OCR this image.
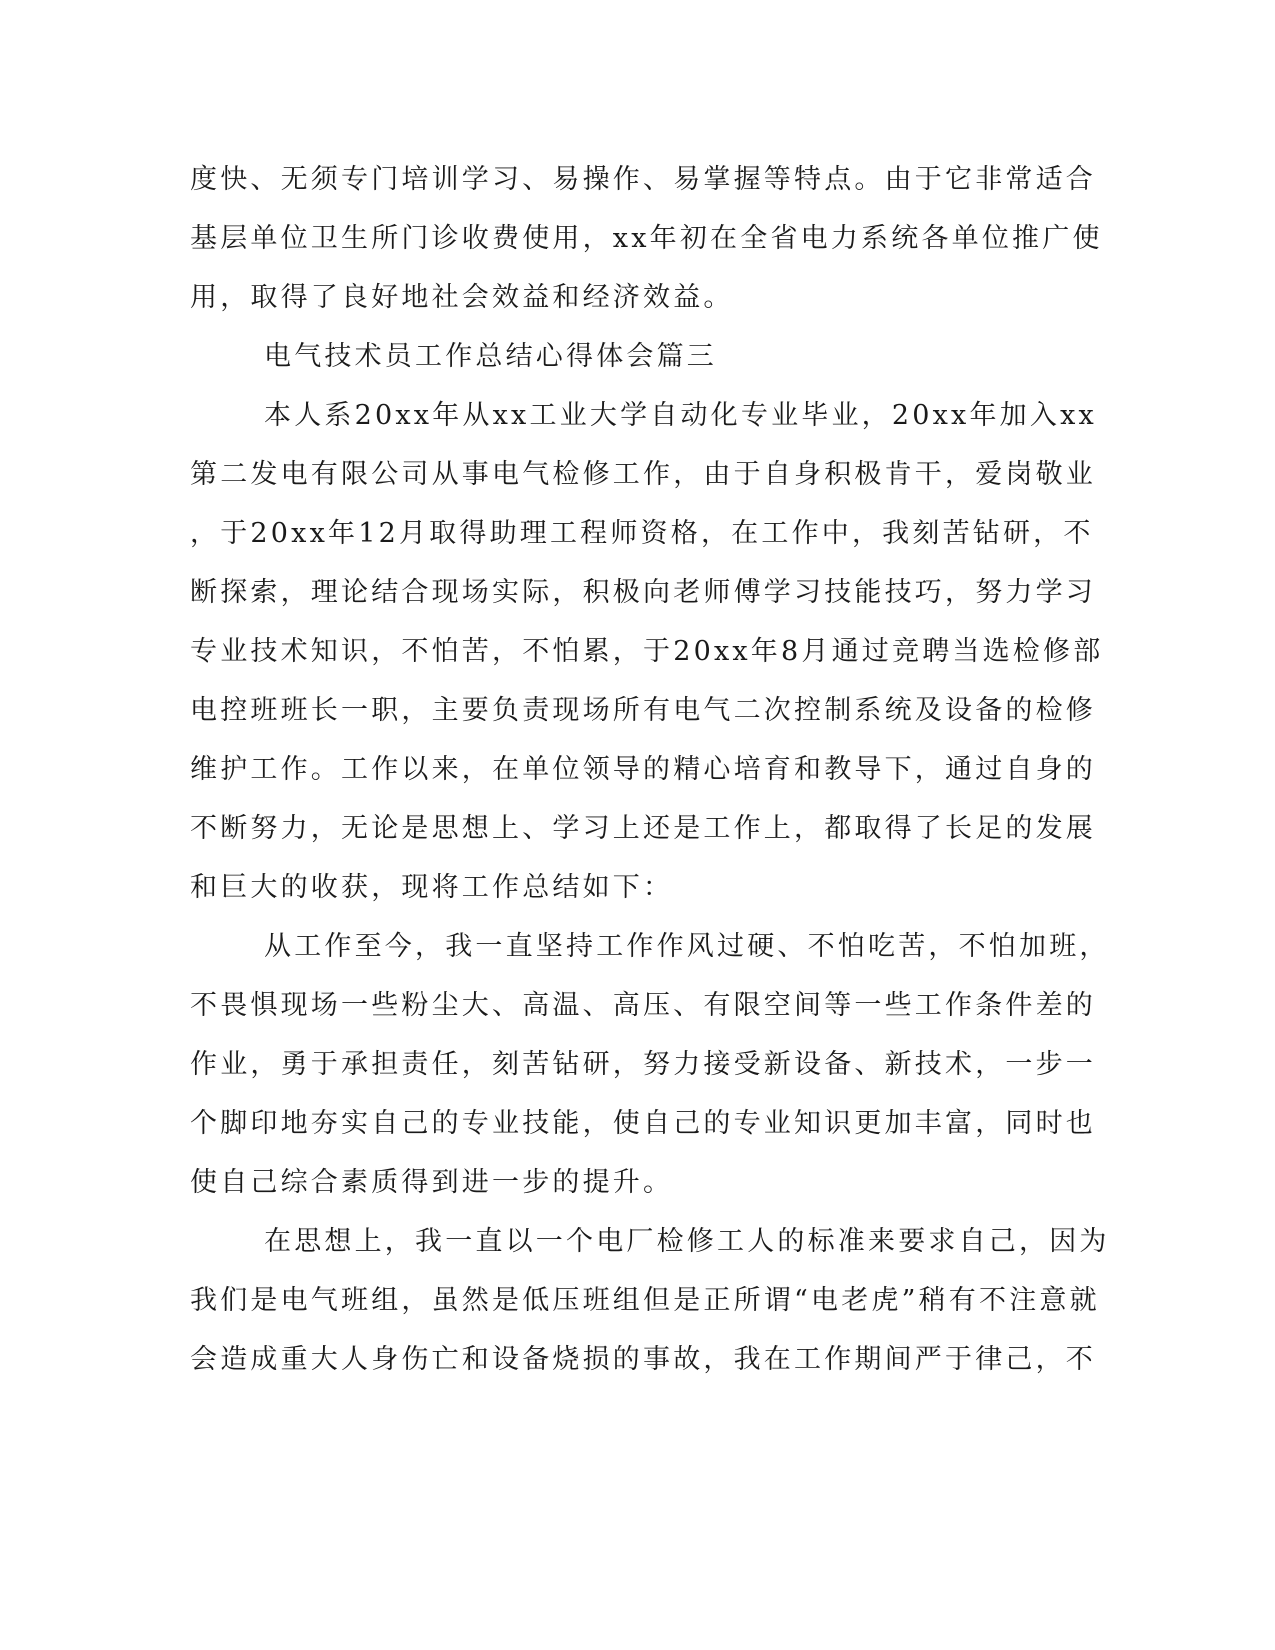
度快、无须专门培训学习、易操作、易掌握等特点。由于它非常适合
基层单位卫生所门诊收费使用，xx年初在全省电力系统各单位推广使
用，取得了良好地社会效益和经济效益。
电气技术员工作总结心得体会篇三
本人系20xx年从xx工业大学自动化专业毕业，20xx年加入xx
第二发电有限公司从事电气检修工作，由于自身积极肯干，爱岗敬业
，于20xx年12月取得助理工程师资格，在工作中，我刻苦钻研，不
断探索，理论结合现场实际，积极向老师傅学习技能技巧，努力学习
专业技术知识，不怕苦，不怕累，于20xx年8月通过竞聘当选检修部
电控班班长一职，主要负责现场所有电气二次控制系统及设备的检修
维护工作。工作以来，在单位领导的精心培育和教导下，通过自身的
不断努力，无论是思想上、学习上还是工作上，都取得了长足的发展
和巨大的收获，现将工作总结如下：
从工作至今，我一直坚持工作作风过硬、不怕吃苦，不怕加班，
不畏惧现场一些粉尘大、高温、高压、有限空间等一些工作条件差的
作业，勇于承担责任，刻苦钻研，努力接受新设备、新技术，一步一
个脚印地夯实自己的专业技能，使自己的专业知识更加丰富，同时也
使自己综合素质得到进一步的提升。
在思想上，我一直以一个电厂检修工人的标准来要求自己，因为
我们是电气班组，虽然是低压班组但是正所谓“电老虎”稍有不注意就
会造成重大人身伤亡和设备烧损的事故，我在工作期间严于律己，不
